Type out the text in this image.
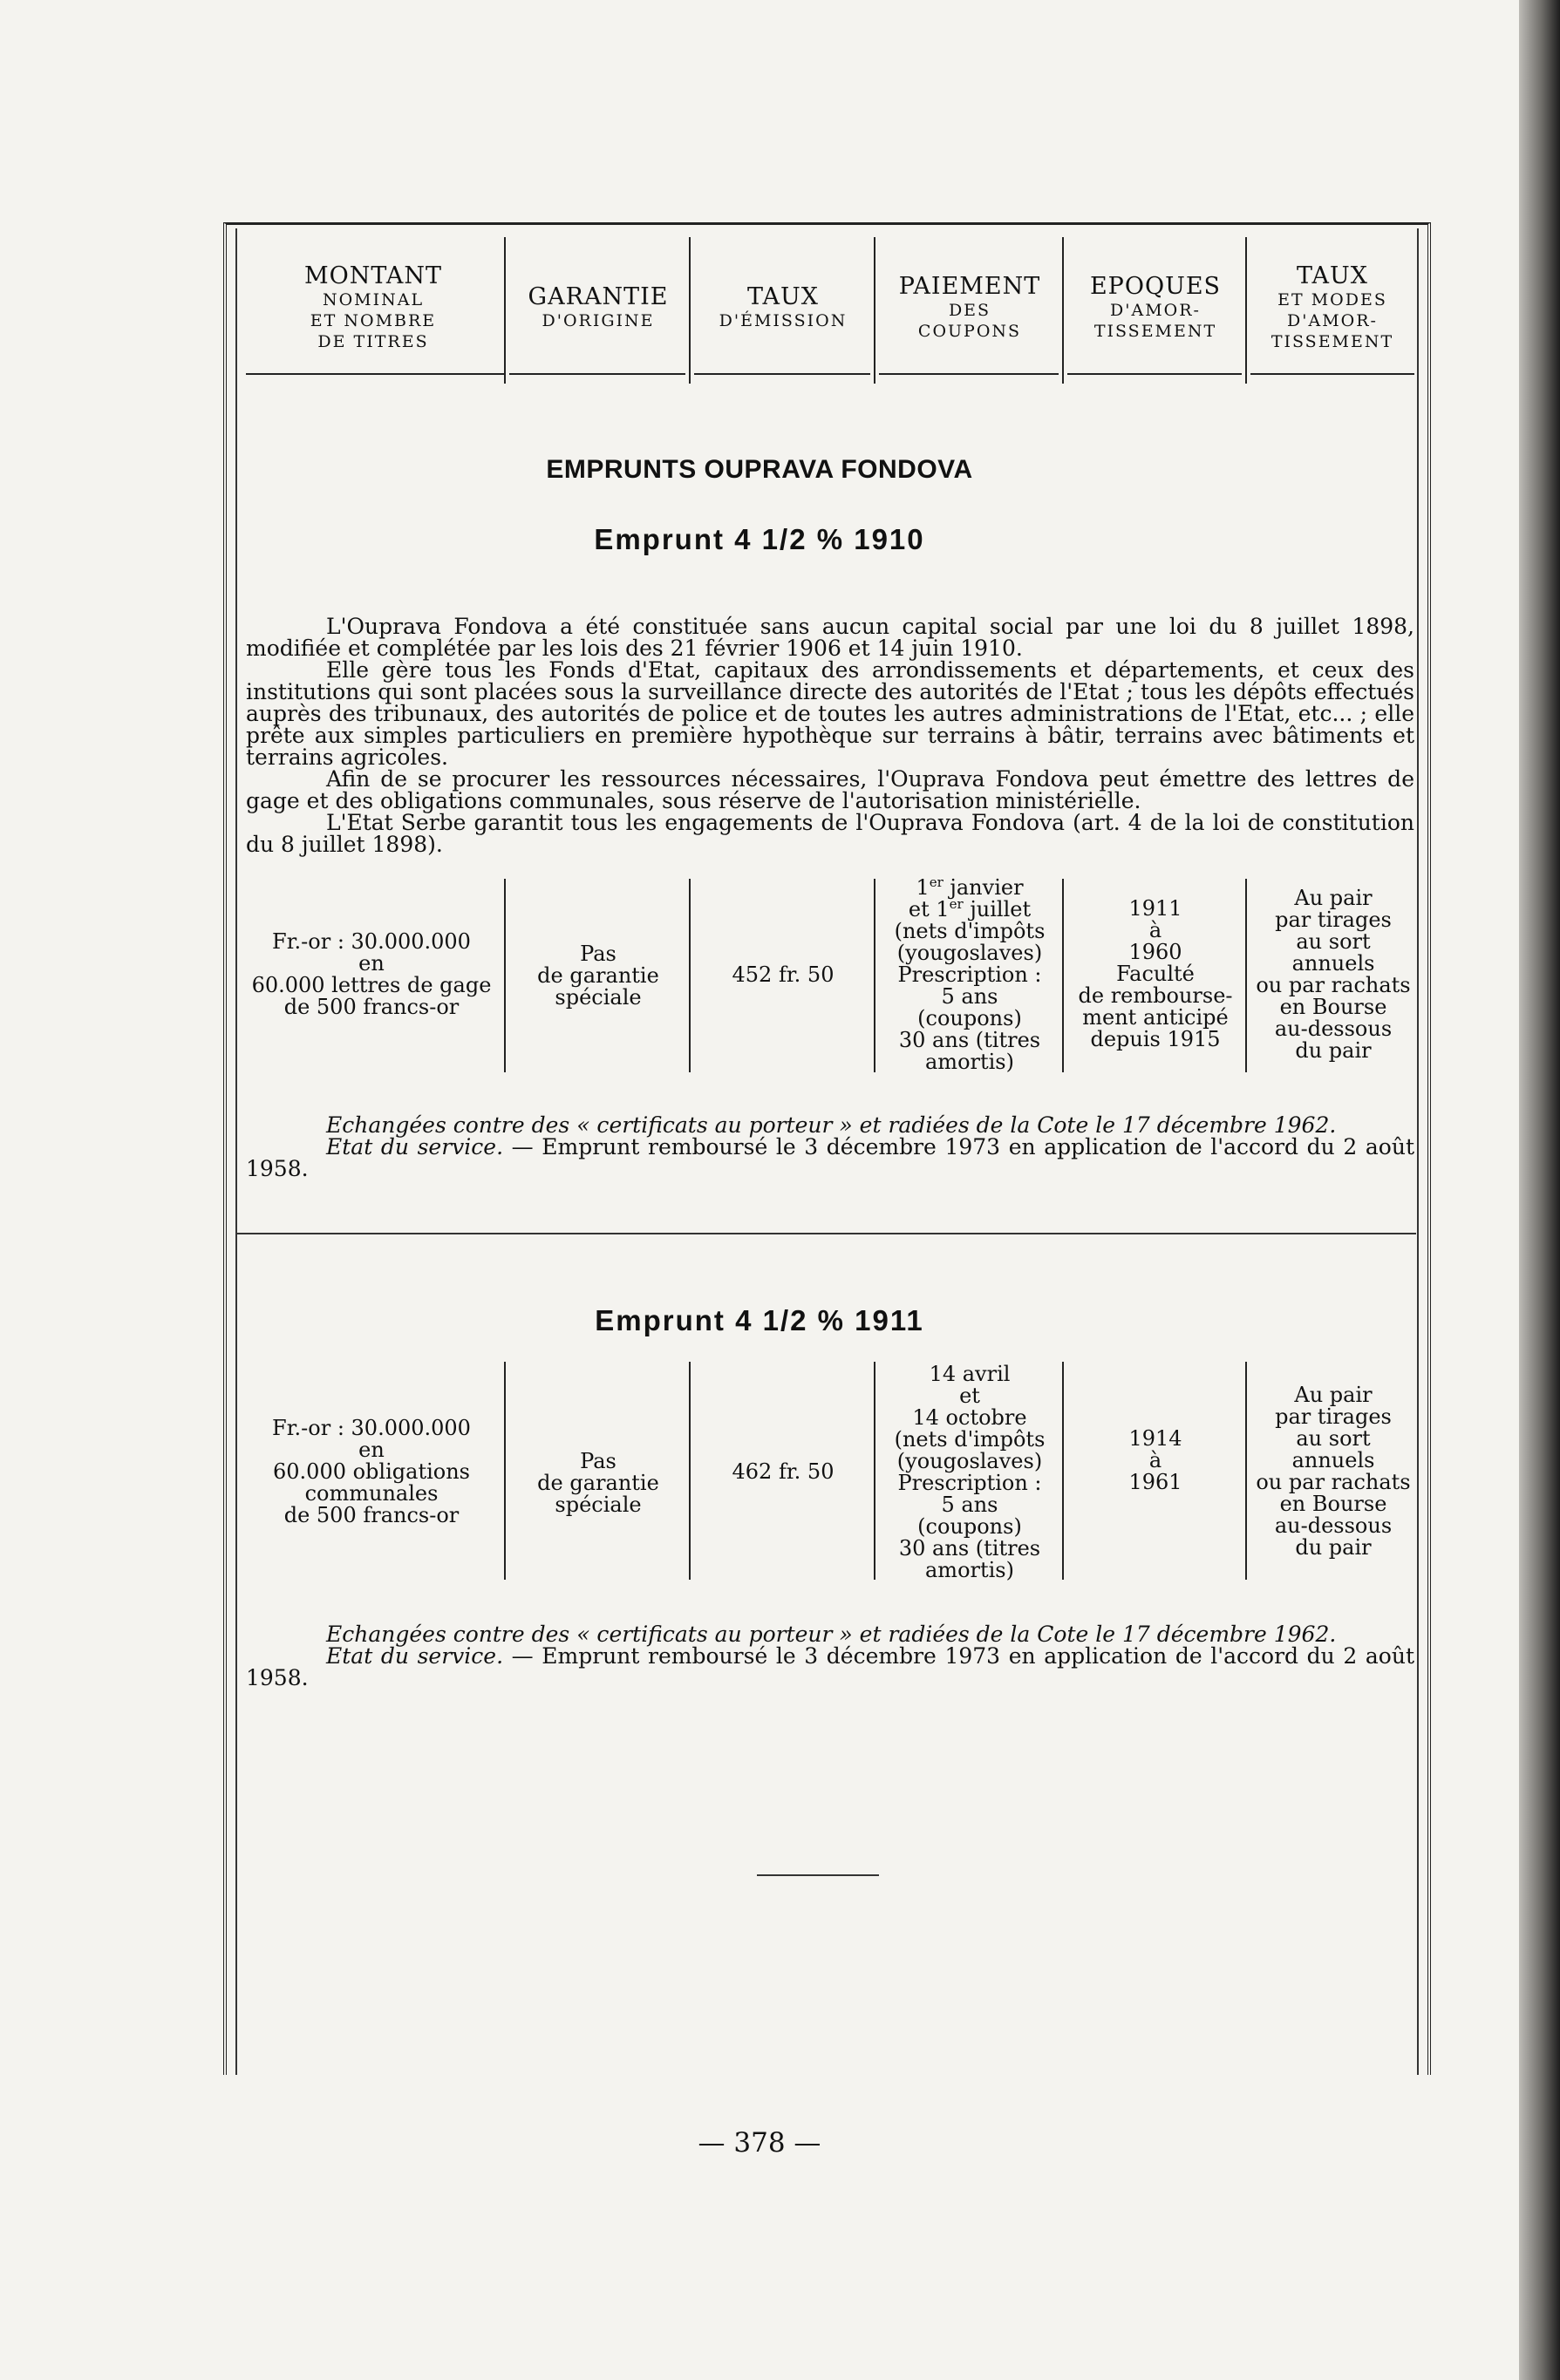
MONTANT
NOMINAL
ET NOMBRE
DE TITRES
GARANTIE
D'ORIGINE
TAUX
D'ÉMISSION
PAIEMENT
DES
COUPONS
EPOQUES
D'AMOR-
TISSEMENT
TAUX
ET MODES
D'AMOR-
TISSEMENT
EMPRUNTS OUPRAVA FONDOVA
Emprunt 4 1/2 % 1910

L'Ouprava Fondova a été constituée sans aucun capital social par une loi du 8 juillet 1898, modifiée et complétée par les lois des 21 février 1906 et 14 juin 1910.

Elle gère tous les Fonds d'Etat, capitaux des arrondissements et départements, et ceux des institutions qui sont placées sous la surveillance directe des autorités de l'Etat ; tous les dépôts effectués auprès des tribunaux, des autorités de police et de toutes les autres administrations de l'Etat, etc... ; elle prête aux simples particuliers en première hypothèque sur terrains à bâtir, terrains avec bâtiments et terrains agricoles.

Afin de se procurer les ressources nécessaires, l'Ouprava Fondova peut émettre des lettres de gage et des obligations communales, sous réserve de l'autorisation ministérielle.

L'Etat Serbe garantit tous les engagements de l'Ouprava Fondova (art. 4 de la loi de constitution du 8 juillet 1898).

Fr.-or : 30.000.000
en
60.000 lettres de gage
de 500 francs-or
Pas
de garantie
spéciale
452 fr. 50
1er janvier
et 1er juillet
(nets d'impôts
(yougoslaves)
Prescription :
5 ans
(coupons)
30 ans (titres
amortis)
1911
à
1960
Faculté
de rembourse-
ment anticipé
depuis 1915
Au pair
par tirages
au sort
annuels
ou par rachats
en Bourse
au-dessous
du pair

Echangées contre des « certificats au porteur » et radiées de la Cote le 17 décembre 1962.

Etat du service. — Emprunt remboursé le 3 décembre 1973 en application de l'accord du 2 août 1958.

Emprunt 4 1/2 % 1911
Fr.-or : 30.000.000
en
60.000 obligations
communales
de 500 francs-or
Pas
de garantie
spéciale
462 fr. 50
14 avril
et
14 octobre
(nets d'impôts
(yougoslaves)
Prescription :
5 ans
(coupons)
30 ans (titres
amortis)
1914
à
1961
Au pair
par tirages
au sort
annuels
ou par rachats
en Bourse
au-dessous
du pair

Echangées contre des « certificats au porteur » et radiées de la Cote le 17 décembre 1962.

Etat du service. — Emprunt remboursé le 3 décembre 1973 en application de l'accord du 2 août 1958.

— 378 —
